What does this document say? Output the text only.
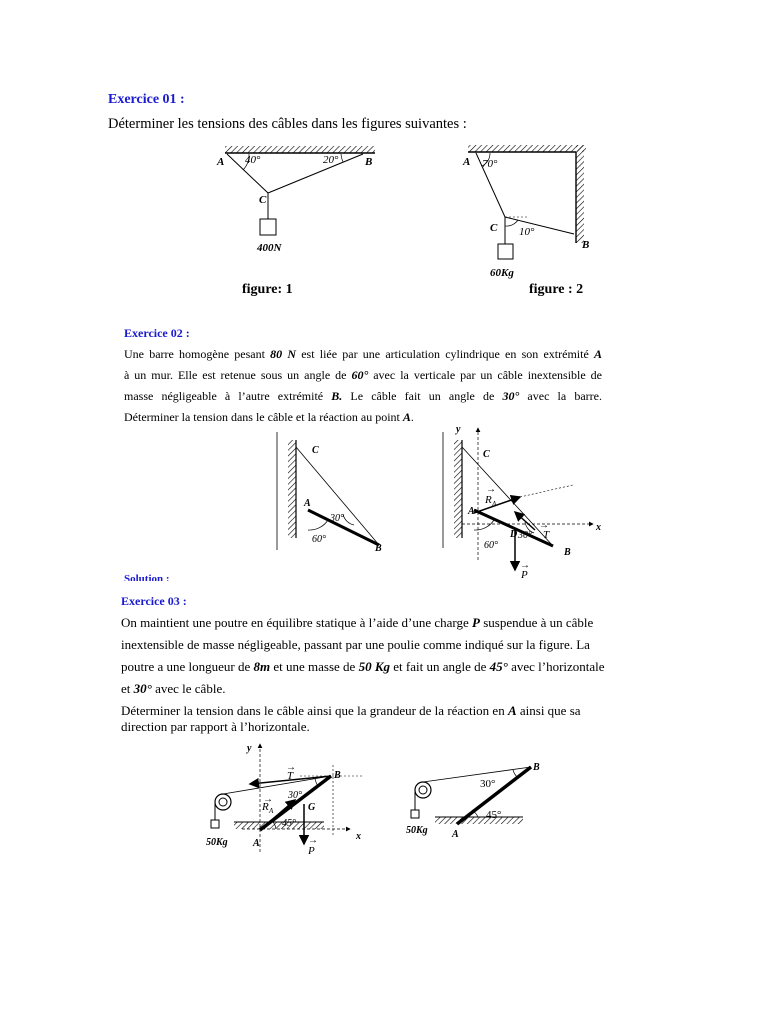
Exercice 01 :
Déterminer les tensions des câbles dans les figures suivantes :
A 40°	20° B
C
400N
figure: 1
A 70°
C 10°
B
60Kg
figure : 2
Exercice 02 :
Une barre homogène pesant 80 N est liée par une articulation cylindrique en son extrémité A
à un mur. Elle est retenue sous un angle de 60° avec la verticale par un câble inextensible de
masse négligeable à l’autre extrémité B. Le câble fait un angle de 30° avec la barre.
Déterminer la tension dans le câble et la réaction au point A.
C
A
30°
60°
B
y
x
C
A
→
R A
→
T
D 30°
60°
B
→
P
Solution :
Exercice 03 :
On maintient une poutre en équilibre statique à l’aide d’une charge P suspendue à un câble
inextensible de masse négligeable, passant par une poulie comme indiqué sur la figure. La
poutre a une longueur de 8m et une masse de 50 Kg et fait un angle de 45° avec l’horizontale
et 30° avec le câble.
Déterminer la tension dans le câble ainsi que la grandeur de la réaction en A ainsi que sa
direction par rapport à l’horizontale.
y
x
→
T	B
30°
→
R A	G
45°
A	→
P
50Kg
B
30°
45°
A
50Kg
